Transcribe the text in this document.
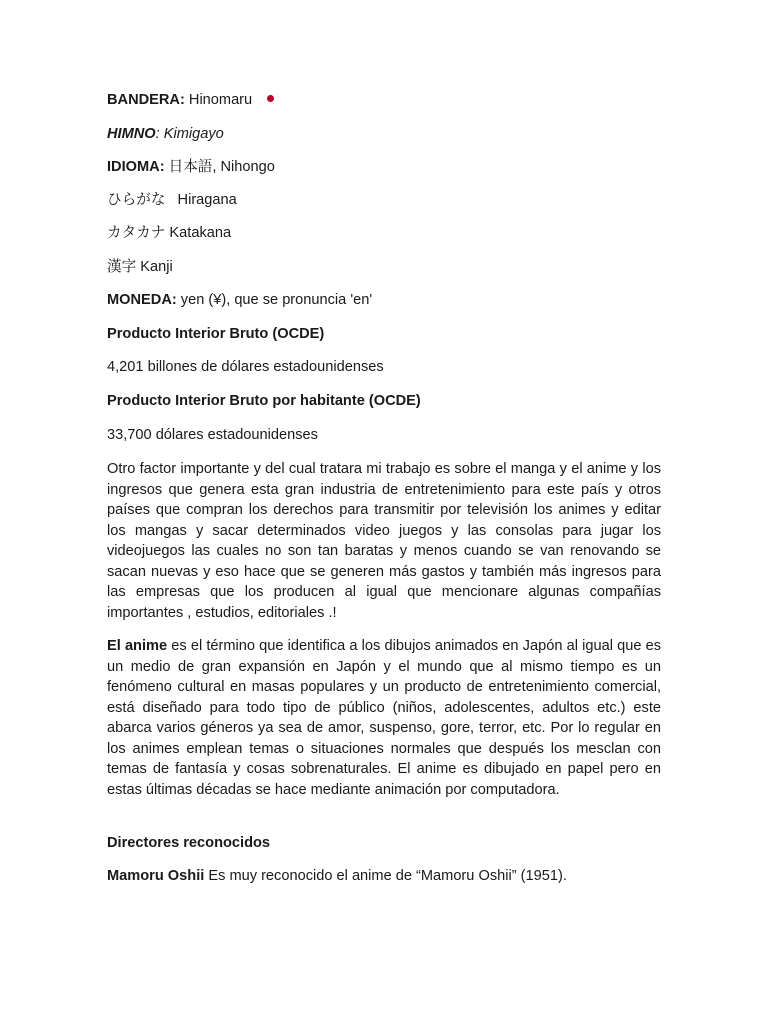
BANDERA: Hinomaru
HIMNO: Kimigayo
IDIOMA: 日本語, Nihongo
ひらがな   Hiragana
カタカナ Katakana
漢字 Kanji
MONEDA: yen (¥), que se pronuncia 'en'
Producto Interior Bruto (OCDE)
4,201 billones de dólares estadounidenses
Producto Interior Bruto por habitante (OCDE)
33,700 dólares estadounidenses

Otro factor importante y del cual tratara mi trabajo es sobre el manga y el anime y los ingresos que genera esta gran industria de entretenimiento para este país y otros países que compran los derechos para transmitir por televisión los animes y editar los mangas y sacar determinados video juegos y las consolas para jugar los videojuegos las cuales no son tan baratas y menos cuando se van renovando se sacan nuevas y eso hace que se generen más gastos y también más ingresos para las empresas que los producen al igual que mencionare algunas compañías importantes , estudios, editoriales .!

El anime es el término que identifica a los dibujos animados en Japón al igual que es un medio de gran expansión en Japón y el mundo que al mismo tiempo es un fenómeno cultural en masas populares y un producto de entretenimiento comercial, está diseñado para todo tipo de público (niños, adolescentes, adultos etc.) este abarca varios géneros ya sea de amor, suspenso, gore, terror, etc. Por lo regular en los animes emplean temas o situaciones normales que después los mesclan con temas de fantasía y cosas sobrenaturales. El anime es dibujado en papel pero en estas últimas décadas se hace mediante animación por computadora.

Directores reconocidos
Mamoru Oshii Es muy reconocido el anime de “Mamoru Oshii” (1951).
